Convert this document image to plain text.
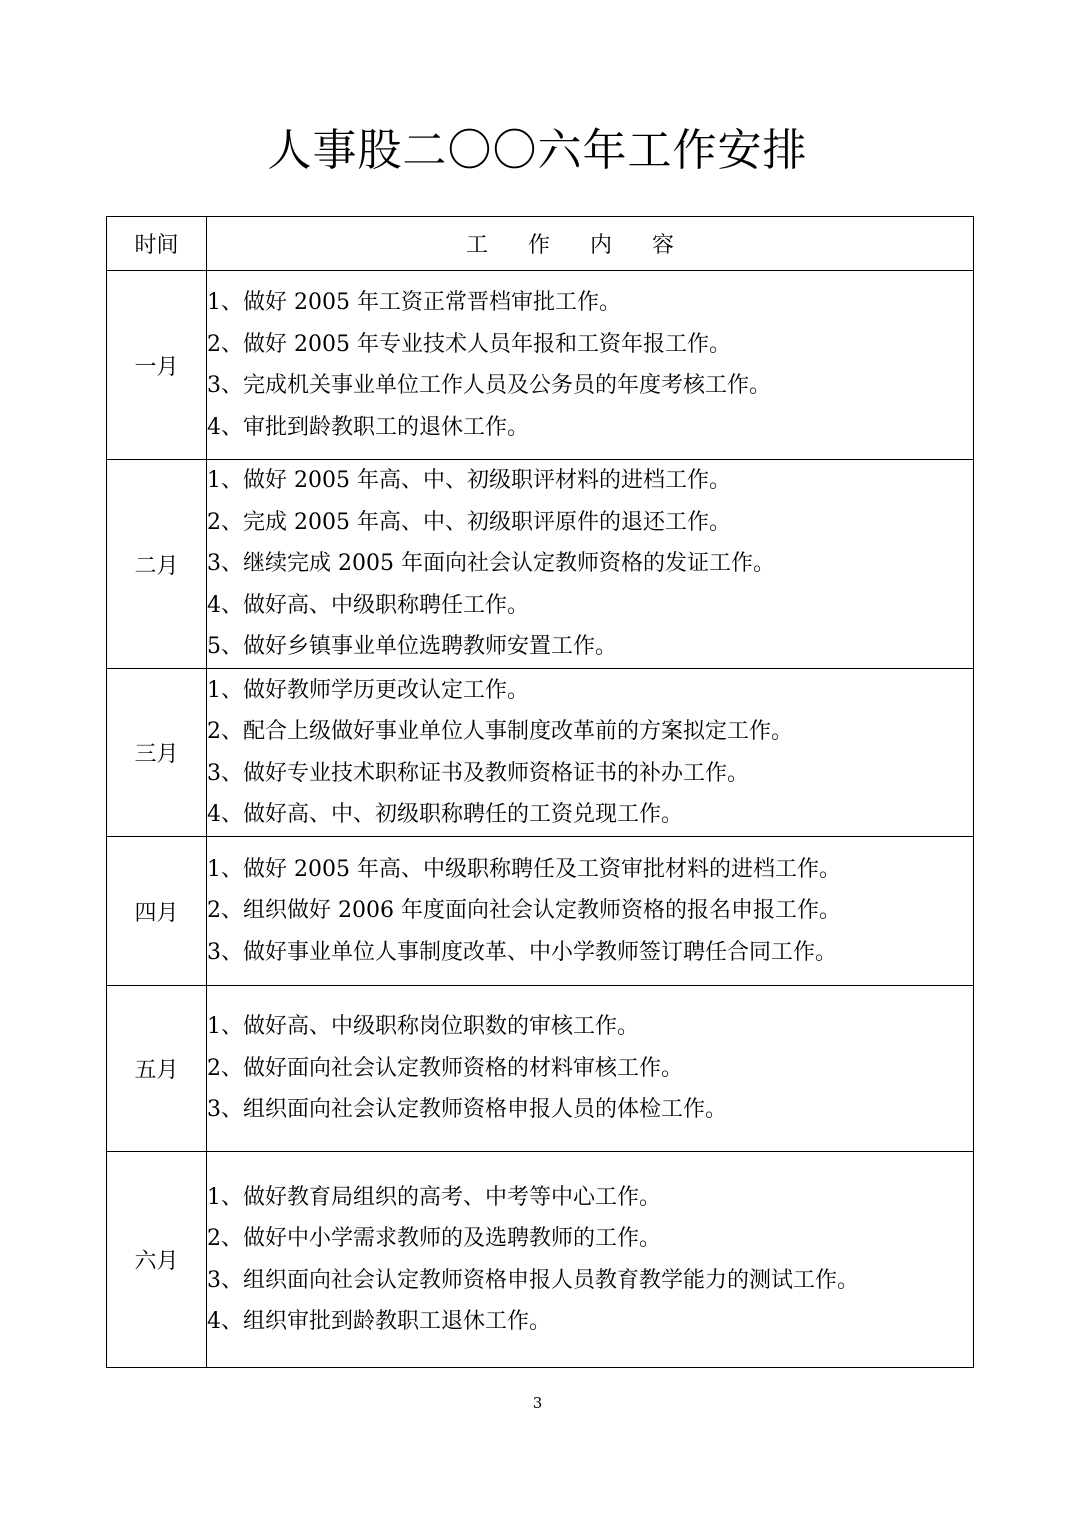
人事股二〇〇六年工作安排
时间	工作内容
一月	1、做好 2005 年工资正常晋档审批工作。
2、做好 2005 年专业技术人员年报和工资年报工作。
3、完成机关事业单位工作人员及公务员的年度考核工作。
4、审批到龄教职工的退休工作。

二月	1、做好 2005 年高、中、初级职评材料的进档工作。
2、完成 2005 年高、中、初级职评原件的退还工作。
3、继续完成 2005 年面向社会认定教师资格的发证工作。
4、做好高、中级职称聘任工作。
5、做好乡镇事业单位选聘教师安置工作。

三月	1、做好教师学历更改认定工作。
2、配合上级做好事业单位人事制度改革前的方案拟定工作。
3、做好专业技术职称证书及教师资格证书的补办工作。
4、做好高、中、初级职称聘任的工资兑现工作。

四月	1、做好 2005 年高、中级职称聘任及工资审批材料的进档工作。
2、组织做好 2006 年度面向社会认定教师资格的报名申报工作。
3、做好事业单位人事制度改革、中小学教师签订聘任合同工作。

五月	1、做好高、中级职称岗位职数的审核工作。
2、做好面向社会认定教师资格的材料审核工作。
3、组织面向社会认定教师资格申报人员的体检工作。

六月	1、做好教育局组织的高考、中考等中心工作。
2、做好中小学需求教师的及选聘教师的工作。
3、组织面向社会认定教师资格申报人员教育教学能力的测试工作。
4、组织审批到龄教职工退休工作。
3
